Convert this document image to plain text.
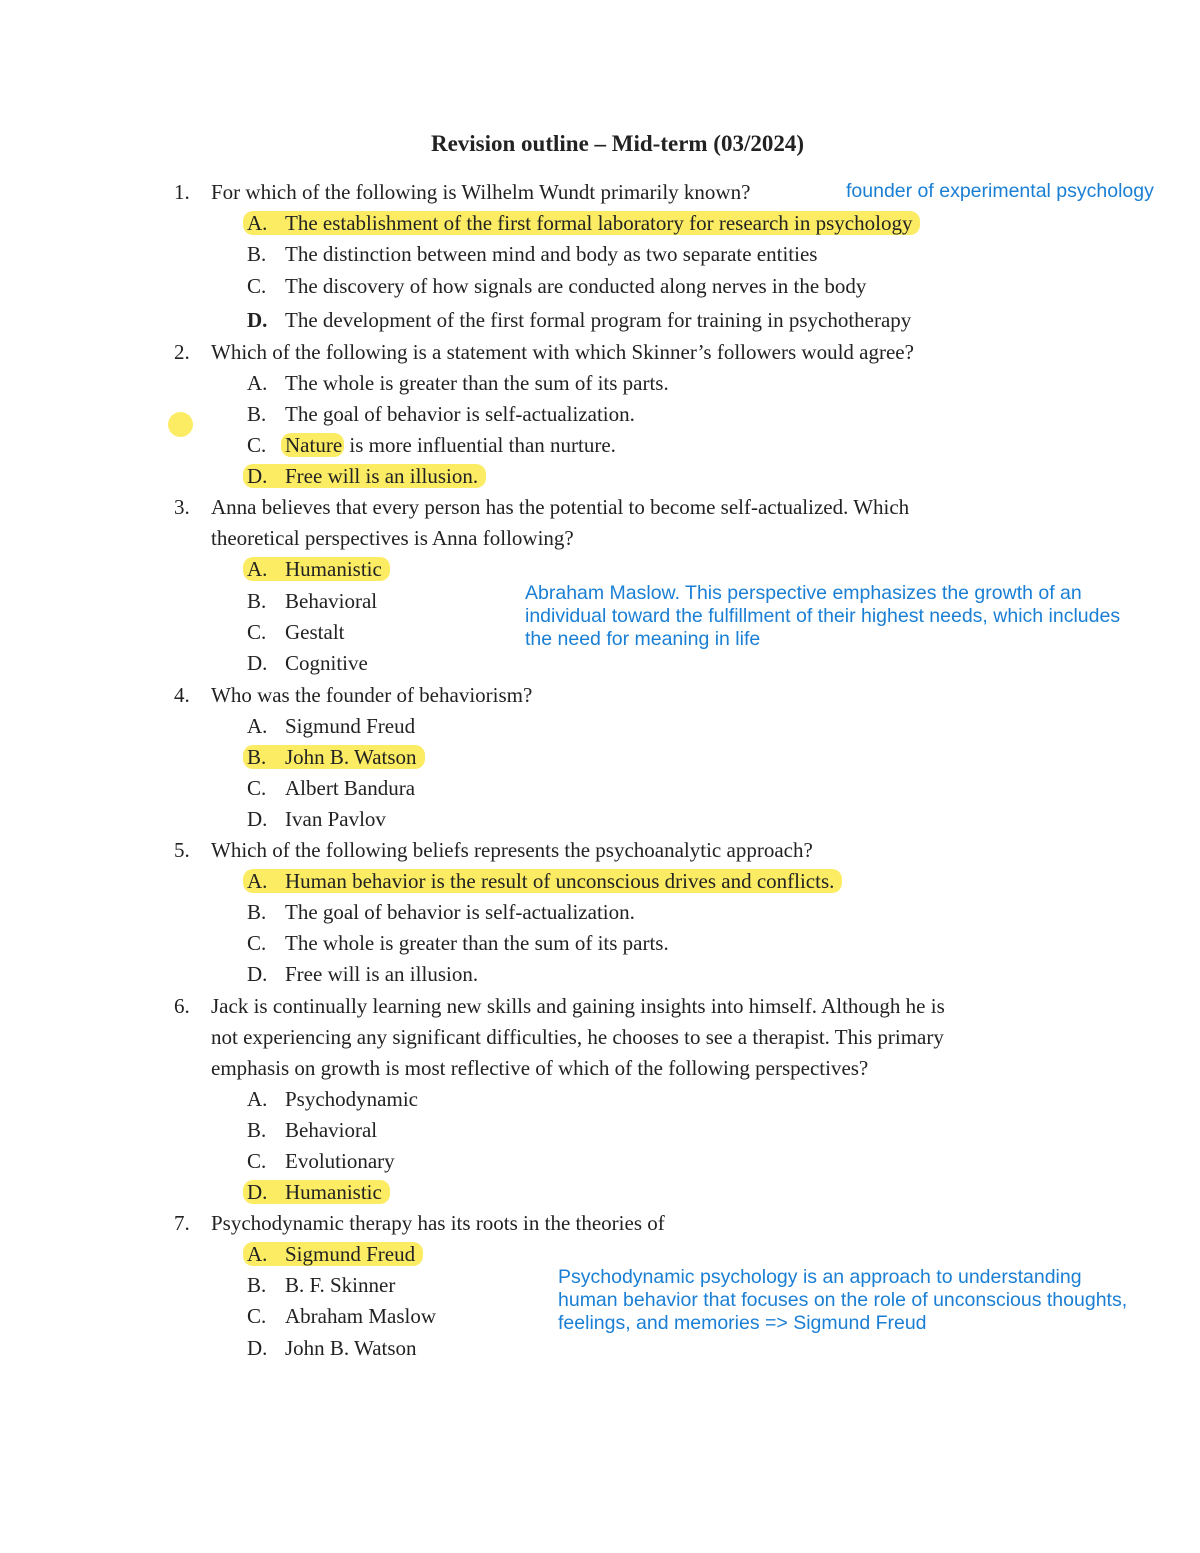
Revision outline – Mid-term (03/2024)
1. For which of the following is Wilhelm Wundt primarily known?
A. The establishment of the first formal laboratory for research in psychology
B. The distinction between mind and body as two separate entities
C. The discovery of how signals are conducted along nerves in the body
D. The development of the first formal program for training in psychotherapy
2. Which of the following is a statement with which Skinner’s followers would agree?
A. The whole is greater than the sum of its parts.
B. The goal of behavior is self-actualization.
C. Nature is more influential than nurture.
D. Free will is an illusion.
3. Anna believes that every person has the potential to become self-actualized. Which
theoretical perspectives is Anna following?
A. Humanistic
B. Behavioral
C. Gestalt
D. Cognitive
4. Who was the founder of behaviorism?
A. Sigmund Freud
B. John B. Watson
C. Albert Bandura
D. Ivan Pavlov
5. Which of the following beliefs represents the psychoanalytic approach?
A. Human behavior is the result of unconscious drives and conflicts.
B. The goal of behavior is self-actualization.
C. The whole is greater than the sum of its parts.
D. Free will is an illusion.
6. Jack is continually learning new skills and gaining insights into himself. Although he is
not experiencing any significant difficulties, he chooses to see a therapist. This primary
emphasis on growth is most reflective of which of the following perspectives?
A. Psychodynamic
B. Behavioral
C. Evolutionary
D. Humanistic
7. Psychodynamic therapy has its roots in the theories of
A. Sigmund Freud
B. B. F. Skinner
C. Abraham Maslow
D. John B. Watson
founder of experimental psychology
Abraham Maslow. This perspective emphasizes the growth of an
individual toward the fulfillment of their highest needs, which includes
the need for meaning in life
Psychodynamic psychology is an approach to understanding
human behavior that focuses on the role of unconscious thoughts,
feelings, and memories => Sigmund Freud
